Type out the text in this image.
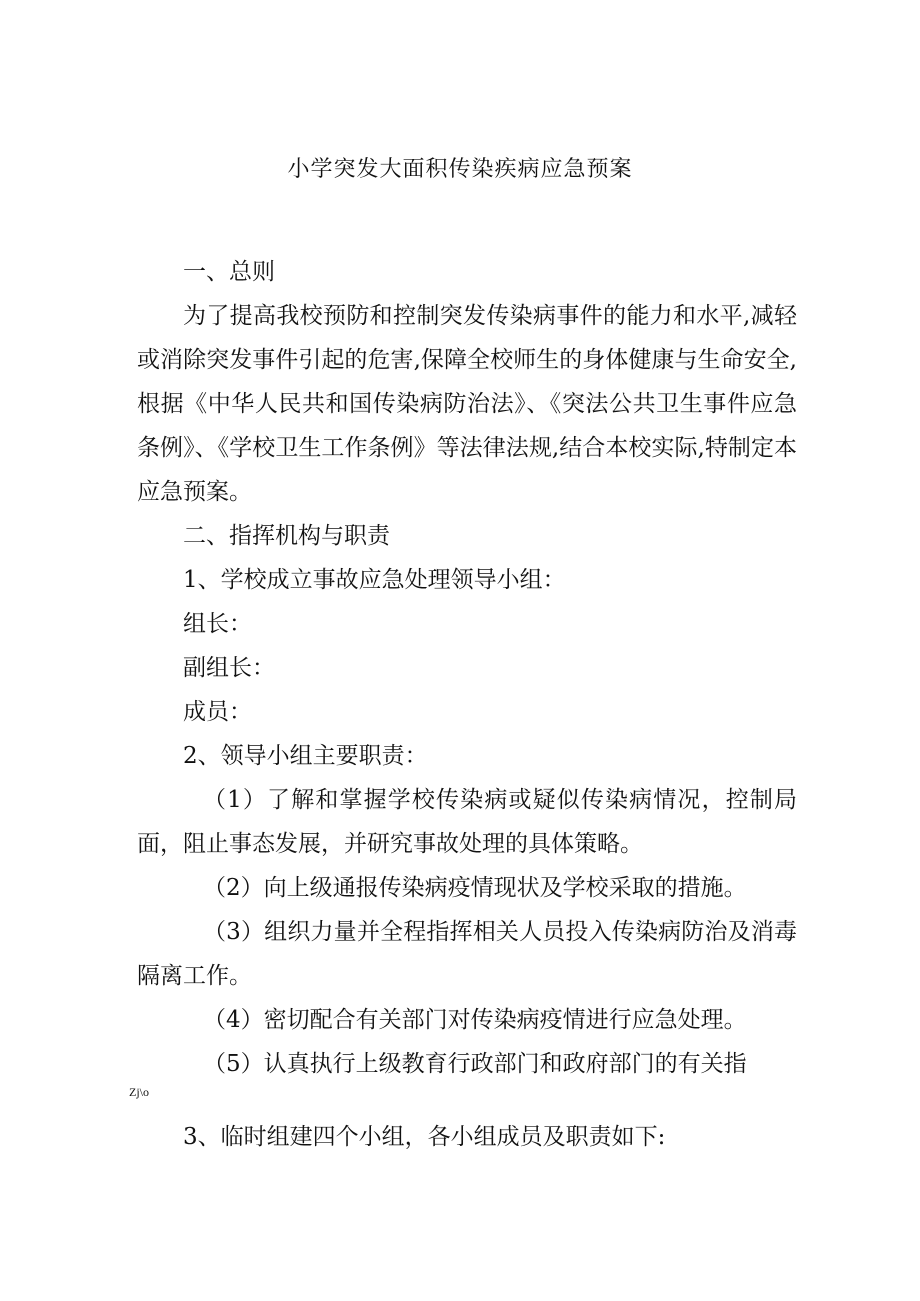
小学突发大面积传染疾病应急预案

一、总则

为了提高我校预防和控制突发传染病事件的能力和水平,减轻或消除突发事件引起的危害,保障全校师生的身体健康与生命安全,根据《中华人民共和国传染病防治法》、《突法公共卫生事件应急条例》、《学校卫生工作条例》等法律法规,结合本校实际,特制定本应急预案。

二、指挥机构与职责

1、学校成立事故应急处理领导小组：

组长：

副组长：

成员：

2、领导小组主要职责：

（1）了解和掌握学校传染病或疑似传染病情况，控制局面，阻止事态发展，并研究事故处理的具体策略。

（2）向上级通报传染病疫情现状及学校采取的措施。

（3）组织力量并全程指挥相关人员投入传染病防治及消毒隔离工作。

（4）密切配合有关部门对传染病疫情进行应急处理。

（5）认真执行上级教育行政部门和政府部门的有关指

Zj\o
3、临时组建四个小组，各小组成员及职责如下:
